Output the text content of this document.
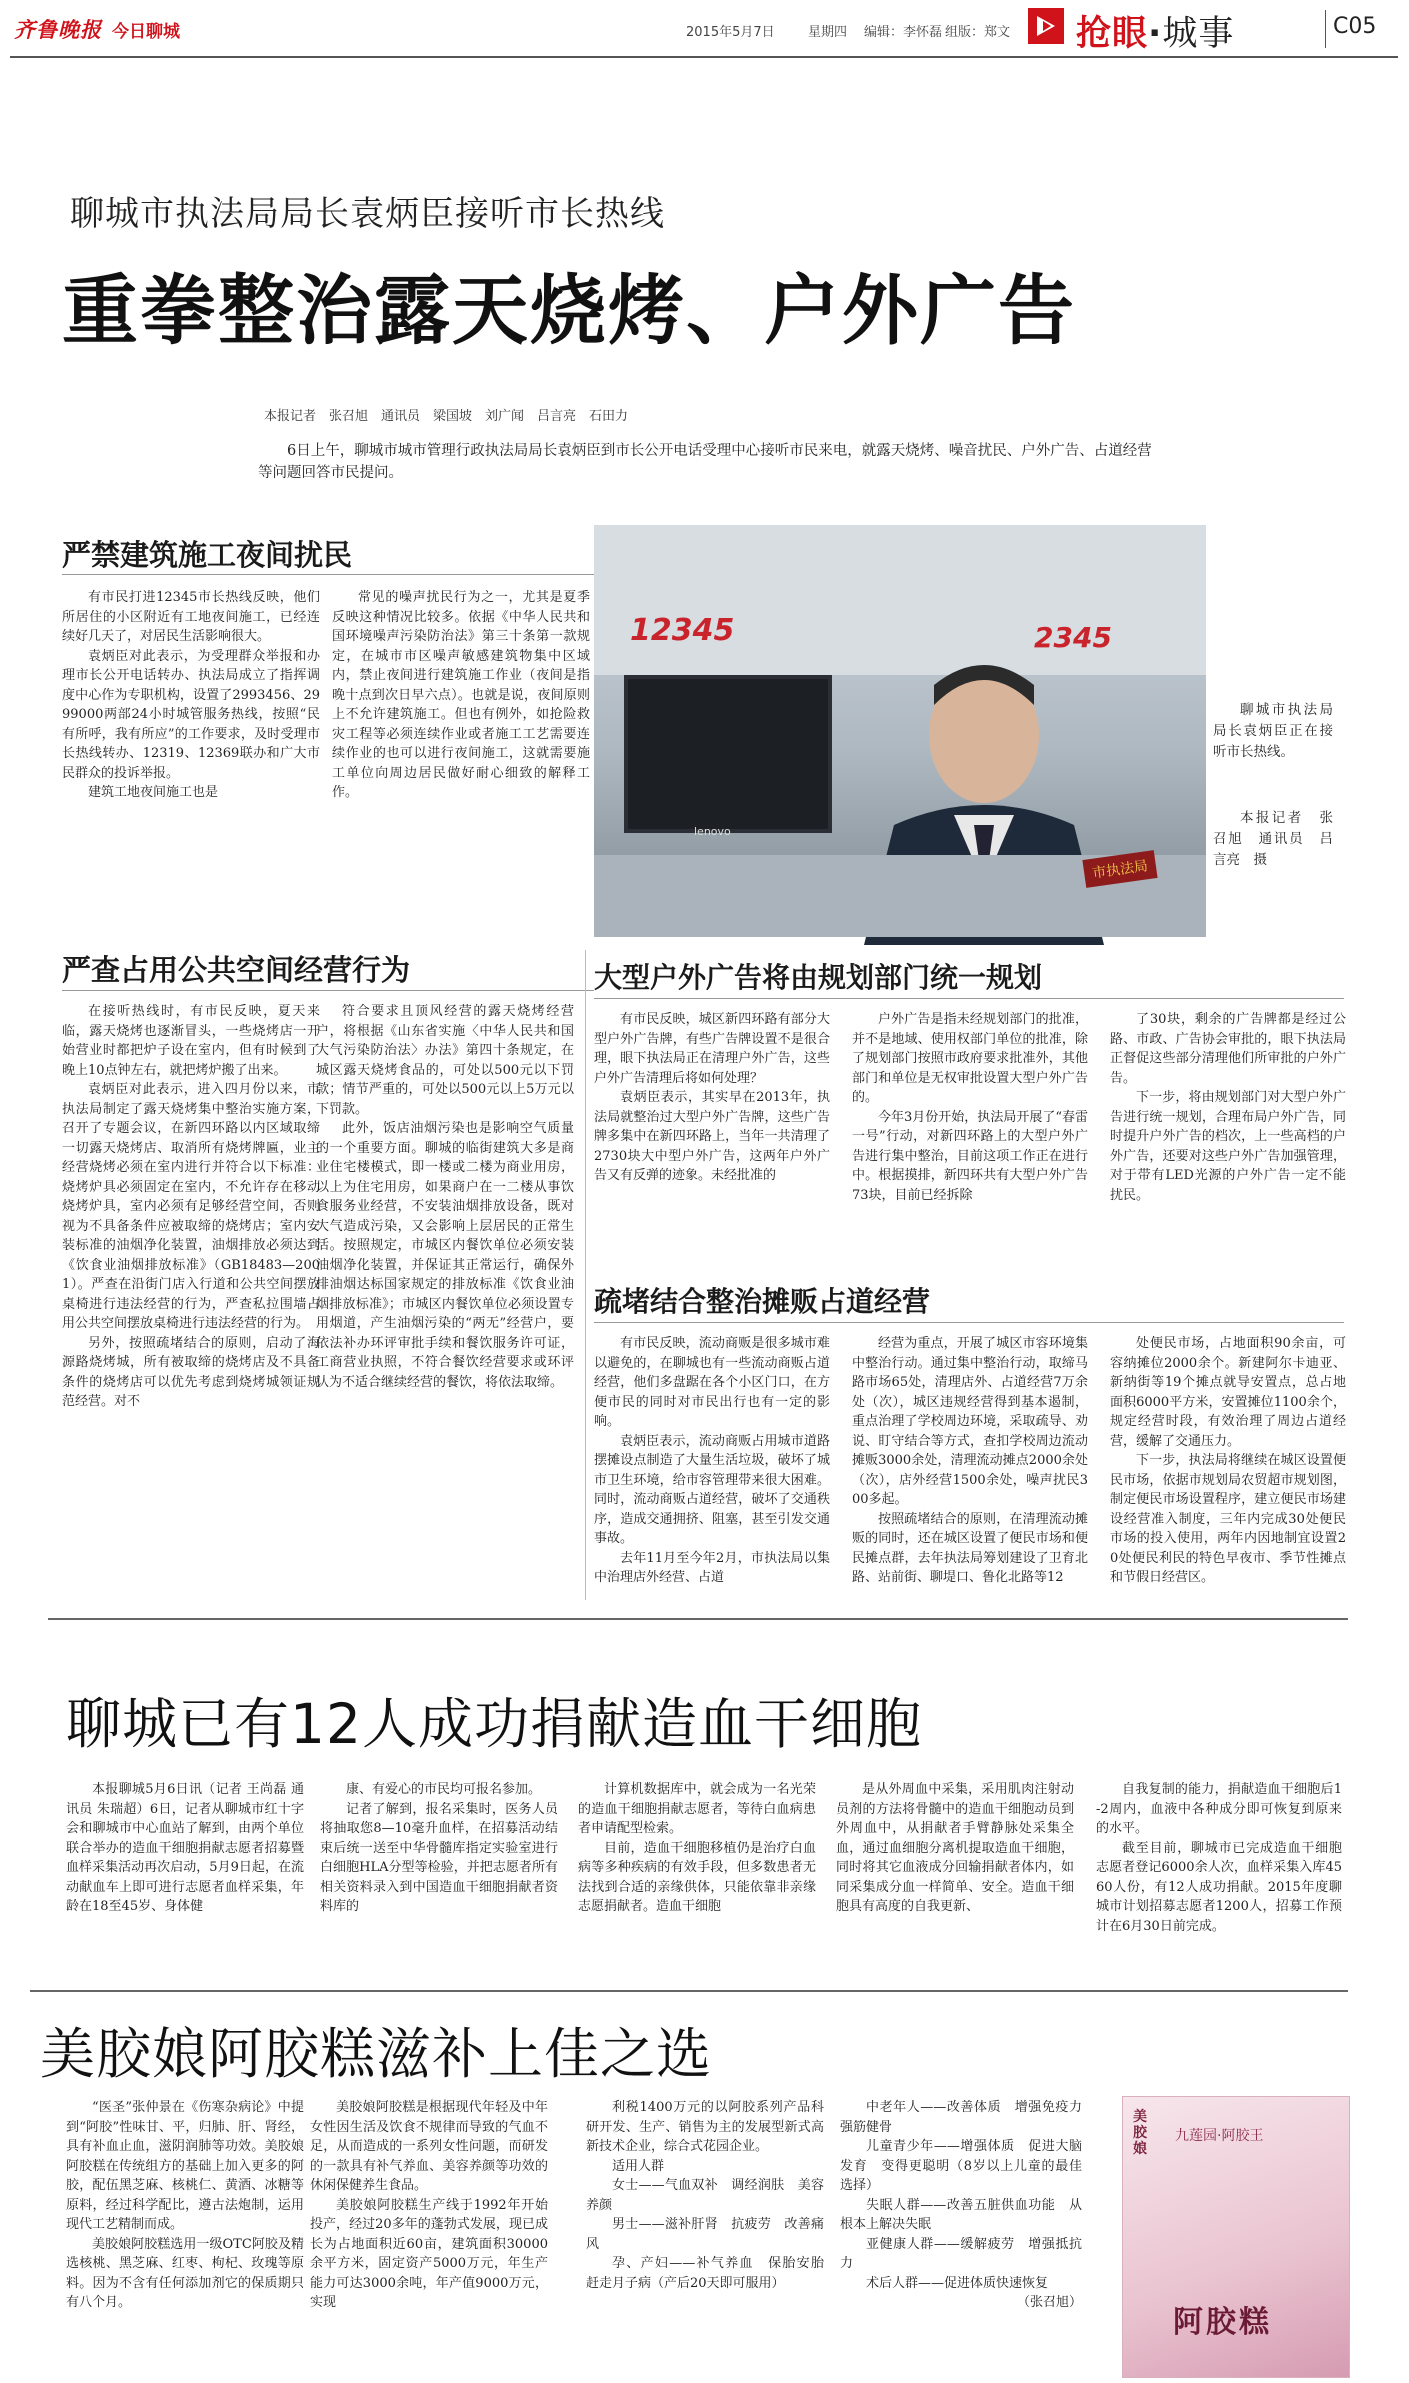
齐鲁晚报 今日聊城	2015年5月7日	星期四 编辑：李怀磊 组版：郑文 抢眼·城事	C05
聊城市执法局局长袁炳臣接听市长热线
重拳整治露天烧烤、户外广告
本报记者　张召旭　通讯员　梁国坡　刘广闻　吕言亮　石田力
6日上午，聊城市城市管理行政执法局局长袁炳臣到市长公开电话受理中心接听市民来电，就露天烧烤、噪音扰民、户外广告、占道经营等问题回答市民提问。
严禁建筑施工夜间扰民

有市民打进12345市长热线反映，他们所居住的小区附近有工地夜间施工，已经连续好几天了，对居民生活影响很大。

袁炳臣对此表示，为受理群众举报和办理市长公开电话转办、执法局成立了指挥调度中心作为专职机构，设置了2993456、2999000两部24小时城管服务热线，按照“民有所呼，我有所应”的工作要求，及时受理市长热线转办、12319、12369联办和广大市民群众的投诉举报。

建筑工地夜间施工也是

常见的噪声扰民行为之一，尤其是夏季反映这种情况比较多。依据《中华人民共和国环境噪声污染防治法》第三十条第一款规定，在城市市区噪声敏感建筑物集中区域内，禁止夜间进行建筑施工作业（夜间是指晚十点到次日早六点）。也就是说，夜间原则上不允许建筑施工。但也有例外，如抢险救灾工程等必须连续作业或者施工工艺需要连续作业的也可以进行夜间施工，这就需要施工单位向周边居民做好耐心细致的解释工作。

12345	2345
lenovo
市执法局
聊城市执法局局长袁炳臣正在接听市长热线。
本报记者　张召旭　通讯员　吕言亮　摄
严查占用公共空间经营行为

在接听热线时，有市民反映，夏天来临，露天烧烤也逐渐冒头，一些烧烤店一开始营业时都把炉子设在室内，但有时候到了晚上10点钟左右，就把烤炉搬了出来。

袁炳臣对此表示，进入四月份以来，市执法局制定了露天烧烤集中整治实施方案，召开了专题会议，在新四环路以内区域取缔一切露天烧烤店、取消所有烧烤牌匾，业主经营烧烤必须在室内进行并符合以下标准：烧烤炉具必须固定在室内，不允许存在移动烧烤炉具，室内必须有足够经营空间，否则视为不具备条件应被取缔的烧烤店；室内安装标准的油烟净化装置，油烟排放必须达到《饮食业油烟排放标准》（GB18483—2001）。严查在沿街门店入行道和公共空间摆放桌椅进行违法经营的行为，严查私拉围墙占用公共空间摆放桌椅进行违法经营的行为。

另外，按照疏堵结合的原则，启动了海源路烧烤城，所有被取缔的烧烤店及不具备条件的烧烤店可以优先考虑到烧烤城领证规范经营。对不

符合要求且顶风经营的露天烧烤经营户，将根据《山东省实施〈中华人民共和国大气污染防治法〉办法》第四十条规定，在城区露天烧烤食品的，可处以500元以下罚款；情节严重的，可处以500元以上5万元以下罚款。

此外，饭店油烟污染也是影响空气质量的一个重要方面。聊城的临街建筑大多是商业住宅楼模式，即一楼或二楼为商业用房，以上为住宅用房，如果商户在一二楼从事饮食服务业经营，不安装油烟排放设备，既对大气造成污染，又会影响上层居民的正常生活。按照规定，市城区内餐饮单位必须安装油烟净化装置，并保证其正常运行，确保外排油烟达标国家规定的排放标准《饮食业油烟排放标准》；市城区内餐饮单位必须设置专用烟道，产生油烟污染的“两无”经营户，要依法补办环评审批手续和餐饮服务许可证，工商营业执照，不符合餐饮经营要求或环评认为不适合继续经营的餐饮，将依法取缔。

大型户外广告将由规划部门统一规划

有市民反映，城区新四环路有部分大型户外广告牌，有些广告牌设置不是很合理，眼下执法局正在清理户外广告，这些户外广告清理后将如何处理？

袁炳臣表示，其实早在2013年，执法局就整治过大型户外广告牌，这些广告牌多集中在新四环路上，当年一共清理了2730块大中型户外广告，这两年户外广告又有反弹的迹象。未经批准的

户外广告是指未经规划部门的批准，并不是地域、使用权部门单位的批准，除了规划部门按照市政府要求批准外，其他部门和单位是无权审批设置大型户外广告的。

今年3月份开始，执法局开展了“春雷一号”行动，对新四环路上的大型户外广告进行集中整治，目前这项工作正在进行中。根据摸排，新四环共有大型户外广告73块，目前已经拆除

了30块，剩余的广告牌都是经过公路、市政、广告协会审批的，眼下执法局正督促这些部分清理他们所审批的户外广告。

下一步，将由规划部门对大型户外广告进行统一规划，合理布局户外广告，同时提升户外广告的档次，上一些高档的户外广告，还要对这些户外广告加强管理，对于带有LED光源的户外广告一定不能扰民。

疏堵结合整治摊贩占道经营

有市民反映，流动商贩是很多城市难以避免的，在聊城也有一些流动商贩占道经营，他们多盘踞在各个小区门口，在方便市民的同时对市民出行也有一定的影响。

袁炳臣表示，流动商贩占用城市道路摆摊设点制造了大量生活垃圾，破坏了城市卫生环境，给市容管理带来很大困难。同时，流动商贩占道经营，破坏了交通秩序，造成交通拥挤、阻塞，甚至引发交通事故。

去年11月至今年2月，市执法局以集中治理店外经营、占道

经营为重点，开展了城区市容环境集中整治行动。通过集中整治行动，取缔马路市场65处，清理店外、占道经营7万余处（次），城区违规经营得到基本遏制，重点治理了学校周边环境，采取疏导、劝说、盯守结合等方式，查扣学校周边流动摊贩3000余处，清理流动摊点2000余处（次），店外经营1500余处，噪声扰民300多起。

按照疏堵结合的原则，在清理流动摊贩的同时，还在城区设置了便民市场和便民摊点群，去年执法局筹划建设了卫育北路、站前街、聊堤口、鲁化北路等12

处便民市场，占地面积90余亩，可容纳摊位2000余个。新建阿尔卡迪亚、新纳街等19个摊点就导安置点，总占地面积6000平方米，安置摊位1100余个，规定经营时段，有效治理了周边占道经营，缓解了交通压力。

下一步，执法局将继续在城区设置便民市场，依据市规划局农贸超市规划图，制定便民市场设置程序，建立便民市场建设经营准入制度，三年内完成30处便民市场的投入使用，两年内因地制宜设置20处便民利民的特色早夜市、季节性摊点和节假日经营区。

聊城已有12人成功捐献造血干细胞

本报聊城5月6日讯（记者 王尚磊 通讯员 朱瑞超）6日，记者从聊城市红十字会和聊城市中心血站了解到，由两个单位联合举办的造血干细胞捐献志愿者招募暨血样采集活动再次启动，5月9日起，在流动献血车上即可进行志愿者血样采集，年龄在18至45岁、身体健

康、有爱心的市民均可报名参加。

记者了解到，报名采集时，医务人员将抽取您8—10毫升血样，在招募活动结束后统一送至中华骨髓库指定实验室进行白细胞HLA分型等检验，并把志愿者所有相关资料录入到中国造血干细胞捐献者资料库的

计算机数据库中，就会成为一名光荣的造血干细胞捐献志愿者，等待白血病患者申请配型检索。

目前，造血干细胞移植仍是治疗白血病等多种疾病的有效手段，但多数患者无法找到合适的亲缘供体，只能依靠非亲缘志愿捐献者。造血干细胞

是从外周血中采集，采用肌肉注射动员剂的方法将骨髓中的造血干细胞动员到外周血中，从捐献者手臂静脉处采集全血，通过血细胞分离机提取造血干细胞，同时将其它血液成分回输捐献者体内，如同采集成分血一样简单、安全。造血干细胞具有高度的自我更新、

自我复制的能力，捐献造血干细胞后1-2周内，血液中各种成分即可恢复到原来的水平。

截至目前，聊城市已完成造血干细胞志愿者登记6000余人次，血样采集入库4560人份，有12人成功捐献。2015年度聊城市计划招募志愿者1200人，招募工作预计在6月30日前完成。

美胶娘阿胶糕滋补上佳之选

“医圣”张仲景在《伤寒杂病论》中提到“阿胶”性味甘、平，归肺、肝、肾经，具有补血止血，滋阴润肺等功效。美胶娘阿胶糕在传统组方的基础上加入更多的阿胶，配伍黑芝麻、核桃仁、黄酒、冰糖等原料，经过科学配比，遵古法炮制，运用现代工艺精制而成。

美胶娘阿胶糕选用一级OTC阿胶及精选核桃、黑芝麻、红枣、枸杞、玫瑰等原料。因为不含有任何添加剂它的保质期只有八个月。

美胶娘阿胶糕是根据现代年轻及中年女性因生活及饮食不规律而导致的气血不足，从而造成的一系列女性问题，而研发的一款具有补气养血、美容养颜等功效的休闲保健养生食品。

美胶娘阿胶糕生产线于1992年开始投产，经过20多年的蓬勃式发展，现已成长为占地面积近60亩，建筑面积30000余平方米，固定资产5000万元，年生产能力可达3000余吨，年产值9000万元，实现

利税1400万元的以阿胶系列产品科研开发、生产、销售为主的发展型新式高新技术企业，综合式花园企业。

适用人群

女士——气血双补　调经润肤　美容养颜

男士——滋补肝肾　抗疲劳　改善痛风

孕、产妇——补气养血　保胎安胎　赶走月子病（产后20天即可服用）

中老年人——改善体质　增强免疫力　强筋健骨

儿童青少年——增强体质　促进大脑发育　变得更聪明（8岁以上儿童的最佳选择）

失眠人群——改善五脏供血功能　从根本上解决失眠

亚健康人群——缓解疲劳　增强抵抗力

术后人群——促进体质快速恢复

（张召旭）
美胶娘
九莲园·阿胶王
阿胶糕
